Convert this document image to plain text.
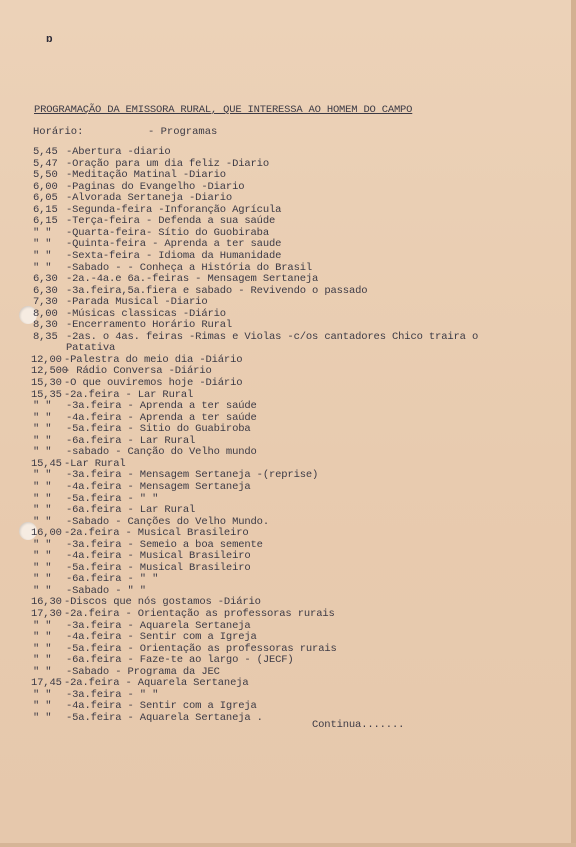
ɒ
PROGRAMAÇÃO DA EMISSORA RURAL, QUE INTERESSA AO HOMEM DO CAMPO
Horário:	- Programas
5,45 -Abertura -diario
5,47 -Oração para um dia feliz -Diario
5,50 -Meditação Matinal -Diario
6,00 -Paginas do Evangelho -Diario
6,05 -Alvorada Sertaneja -Diario
6,15 -Segunda-feira -Inforanção Agrícula
6,15 -Terça-feira - Defenda a sua saúde
" " -Quarta-feira- Sítio do Guobiraba
" " -Quinta-feira - Aprenda a ter saude
" " -Sexta-feira - Idioma da Humanidade
" " -Sabado - - Conheça a História do Brasil
6,30 -2a.-4a.e 6a.-feiras - Mensagem Sertaneja
6,30 -3a.feira,5a.fiera e sabado - Revivendo o passado
7,30 -Parada Musical -Diario
8,00 -Músicas classicas -Diário
8,30 -Encerramento Horário Rural
8,35 -2as. o 4as. feiras -Rimas e Violas -c/os cantadores Chico traira o
Patativa
12,00 -Palestra do meio dia -Diário
12,500
- Rádio Conversa -Diário
15,30 -O que ouviremos hoje -Diário
15,35 -2a.feira - Lar Rural
" " -3a.feira - Aprenda a ter saúde
" " -4a.feira - Aprenda a ter saúde
" " -5a.feira - Sitio do Guabiroba
" " -6a.feira - Lar Rural
" " -sabado - Canção do Velho mundo
15,45 -Lar Rural
" " -3a.feira - Mensagem Sertaneja -(reprise)
" " -4a.feira - Mensagem Sertaneja
" " -5a.feira - " "
" " -6a.feira - Lar Rural
" " -Sabado - Canções do Velho Mundo.
16,00 -2a.feira - Musical Brasileiro
" " -3a.feira - Semeio a boa semente
" " -4a.feira - Musical Brasileiro
" " -5a.feira - Musical Brasileiro
" " -6a.feira - " "
" " -Sabado - " "
16,30 -Discos que nós gostamos -Diário
17,30 -2a.feira - Orientação as professoras rurais
" " -3a.feira - Aquarela Sertaneja
" " -4a.feira - Sentir com a Igreja
" " -5a.feira - Orientação as professoras rurais
" " -6a.feira - Faze-te ao largo - (JECF)
" " -Sabado - Programa da JEC
17,45 -2a.feira - Aquarela Sertaneja
" " -3a.feira - " "
" " -4a.feira - Sentir com a Igreja
" " -5a.feira - Aquarela Sertaneja .
Continua.......
